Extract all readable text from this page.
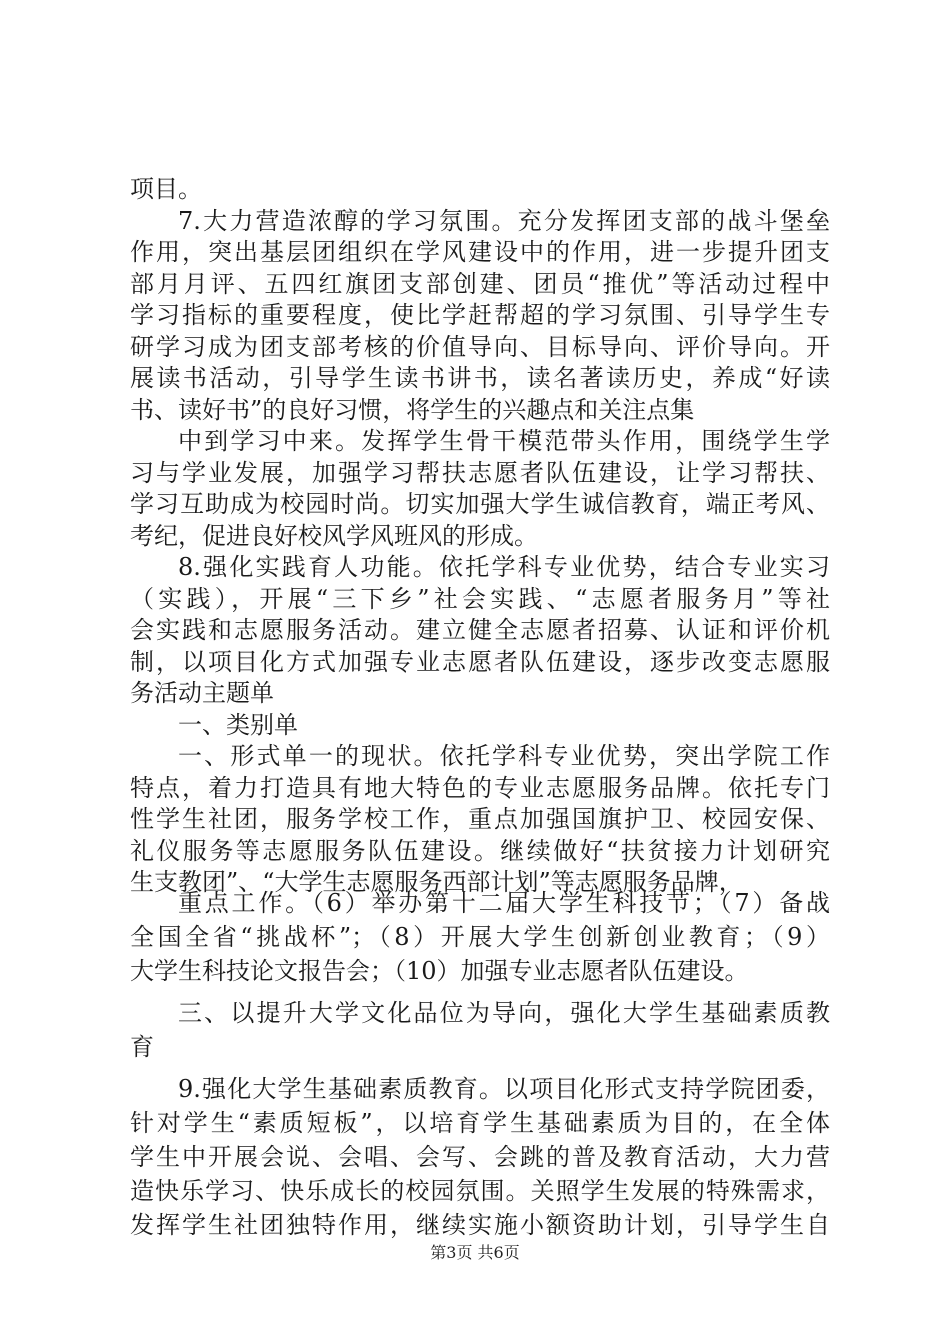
项目。
7.大力营造浓醇的学习氛围。充分发挥团支部的战斗堡垒
作用，突出基层团组织在学风建设中的作用，进一步提升团支
部月月评、五四红旗团支部创建、团员“推优”等活动过程中
学习指标的重要程度，使比学赶帮超的学习氛围、引导学生专
研学习成为团支部考核的价值导向、目标导向、评价导向。开
展读书活动，引导学生读书讲书，读名著读历史，养成“好读
书、读好书”的良好习惯，将学生的兴趣点和关注点集
中到学习中来。发挥学生骨干模范带头作用，围绕学生学
习与学业发展，加强学习帮扶志愿者队伍建设，让学习帮扶、
学习互助成为校园时尚。切实加强大学生诚信教育，端正考风、
考纪，促进良好校风学风班风的形成。
8.强化实践育人功能。依托学科专业优势，结合专业实习
（实践），开展“三下乡”社会实践、“志愿者服务月”等社
会实践和志愿服务活动。建立健全志愿者招募、认证和评价机
制，以项目化方式加强专业志愿者队伍建设，逐步改变志愿服
务活动主题单
一、类别单
一、形式单一的现状。依托学科专业优势，突出学院工作
特点，着力打造具有地大特色的专业志愿服务品牌。依托专门
性学生社团，服务学校工作，重点加强国旗护卫、校园安保、
礼仪服务等志愿服务队伍建设。继续做好“扶贫接力计划研究
生支教团”、“大学生志愿服务西部计划”等志愿服务品牌，
重点工作。（6）举办第十二届大学生科技节；（7）备战
全国全省“挑战杯”；（8）开展大学生创新创业教育；（9）
大学生科技论文报告会；（10）加强专业志愿者队伍建设。
三、以提升大学文化品位为导向，强化大学生基础素质教
育
9.强化大学生基础素质教育。以项目化形式支持学院团委，
针对学生“素质短板”，以培育学生基础素质为目的，在全体
学生中开展会说、会唱、会写、会跳的普及教育活动，大力营
造快乐学习、快乐成长的校园氛围。关照学生发展的特殊需求，
发挥学生社团独特作用，继续实施小额资助计划，引导学生自
第3页 共6页
